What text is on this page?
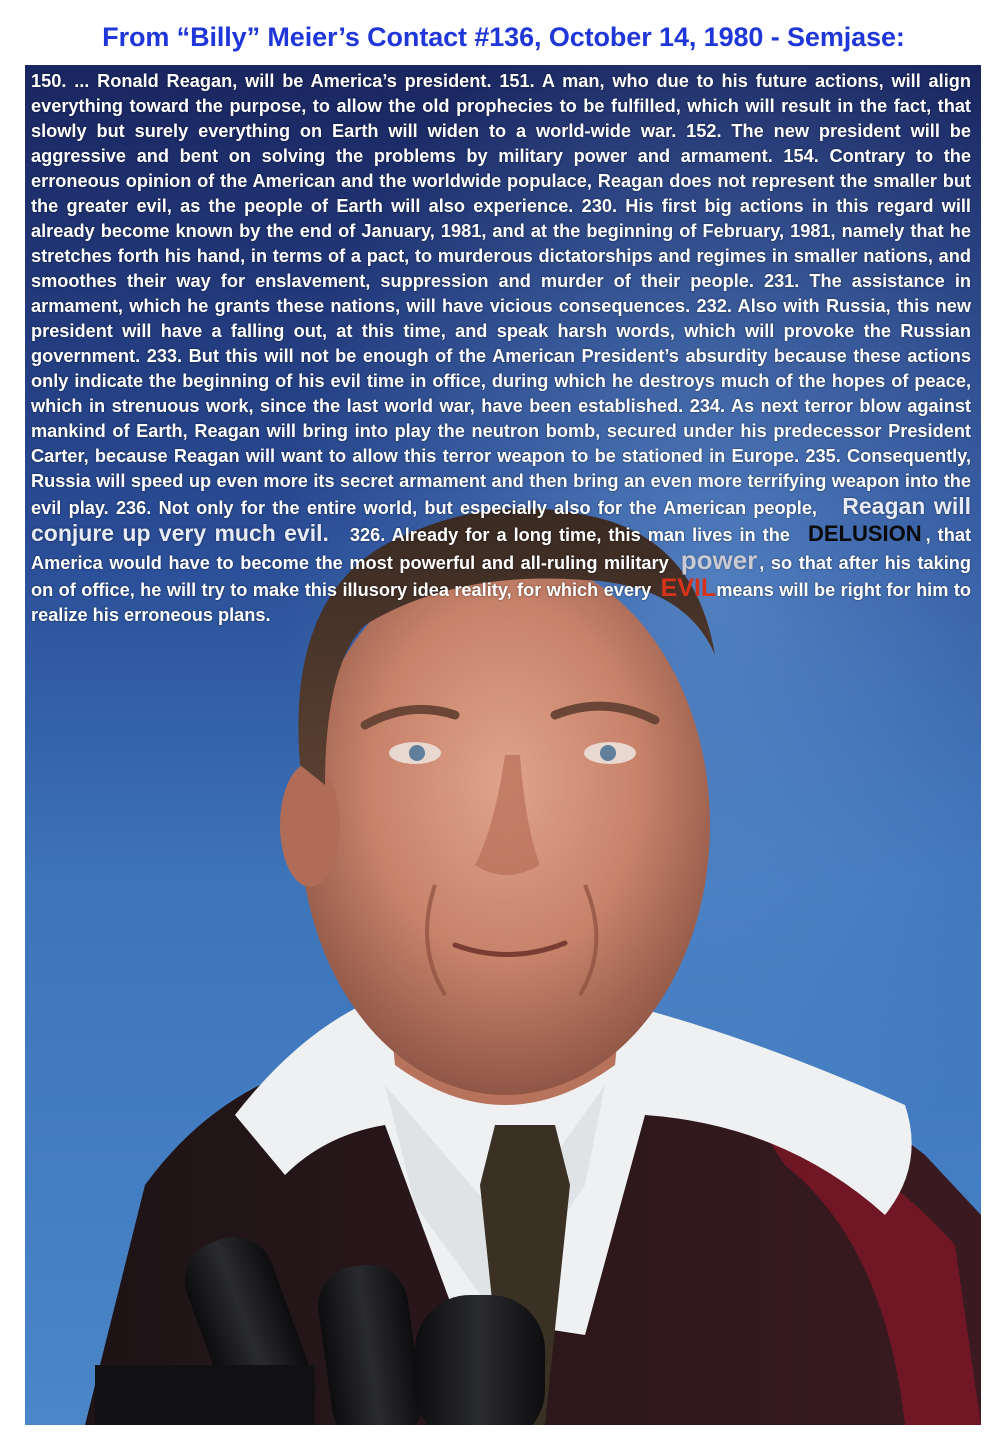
From “Billy” Meier’s Contact #136, October 14, 1980 - Semjase:

150. ... Ronald Reagan, will be America’s president. 151. A man, who due to his future actions, will align everything toward the purpose, to allow the old prophecies to be fulfilled, which will result in the fact, that slowly but surely everything on Earth will widen to a world-wide war. 152. The new president will be aggressive and bent on solving the problems by military power and armament. 154. Contrary to the erroneous opinion of the American and the worldwide populace, Reagan does not represent the smaller but the greater evil, as the people of Earth will also experience. 230. His first big actions in this regard will already become known by the end of January, 1981, and at the beginning of February, 1981, namely that he stretches forth his hand, in terms of a pact, to murderous dictatorships and regimes in smaller nations, and smoothes their way for enslavement, suppression and murder of their people. 231. The assistance in armament, which he grants these nations, will have vicious consequences. 232. Also with Russia, this new president will have a falling out, at this time, and speak harsh words, which will provoke the Russian government. 233. But this will not be enough of the American President’s absurdity because these actions only indicate the beginning of his evil time in office, during which he destroys much of the hopes of peace, which in strenuous work, since the last world war, have been established. 234. As next terror blow against mankind of Earth, Reagan will bring into play the neutron bomb, secured under his predecessor President Carter, because Reagan will want to allow this terror weapon to be stationed in Europe. 235. Consequently, Russia will speed up even more its secret armament and then bring an even more terrifying weapon into the evil play. 236. Not only for the entire world, but especially also for the American people, Reagan will conjure up very much evil. 326. Already for a long time, this man lives in the DELUSION , that America would have to become the most powerful and all-ruling military power , so that after his taking on of office, he will try to make this illusory idea reality, for which every EVILmeans will be right for him to realize his erroneous plans.
